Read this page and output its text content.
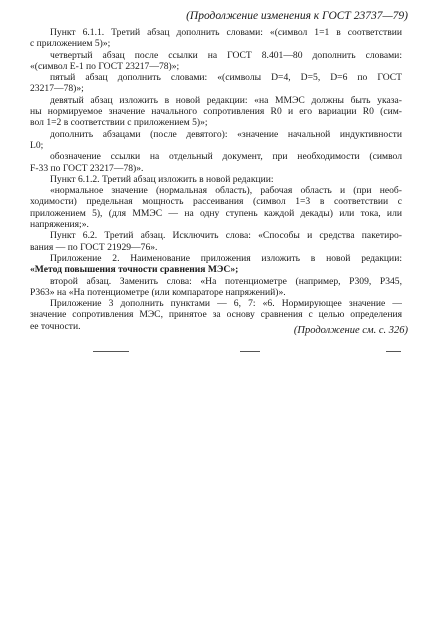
(Продолжение изменения к ГОСТ 23737—79)
Пункт 6.1.1. Третий абзац дополнить словами: «(символ 1=1 в соответствии
с приложением 5)»;
четвертый абзац после ссылки на ГОСТ 8.401—80 дополнить словами:
«(символ Е-1 по ГОСТ 23217—78)»;
пятый абзац дополнить словами: «(символы D=4, D=5, D=6 по ГОСТ
23217—78)»;
девятый абзац изложить в новой редакции: «на ММЭС должны быть указа-
ны нормируемое значение начального сопротивления R0 и его вариации R0 (сим-
вол 1=2 в соответствии с приложением 5)»;
дополнить абзацами (после девятого): «значение начальной индуктивности
L0;
обозначение ссылки на отдельный документ, при необходимости (символ
F-33 по ГОСТ 23217—78)».
Пункт 6.1.2. Третий абзац изложить в новой редакции:
«нормальное значение (нормальная область), рабочая область и (при необ-
ходимости) предельная мощность рассеивания (символ 1=3 в соответствии с
приложением 5), (для ММЭС — на одну ступень каждой декады) или тока, или
напряжения;».
Пункт 6.2. Третий абзац. Исключить слова: «Способы и средства пакетиро-
вания — по ГОСТ 21929—76».
Приложение 2. Наименование приложения изложить в новой редакции:
«Метод повышения точности сравнения МЭС»;
второй абзац. Заменить слова: «На потенциометре (например, Р309, Р345,
Р363» на «На потенциометре (или компараторе напряжений)».
Приложение 3 дополнить пунктами — 6, 7: «6. Нормирующее значение —
значение сопротивления МЭС, принятое за основу сравнения с целью определения
ее точности.	(Продолжение см. с. 326)
